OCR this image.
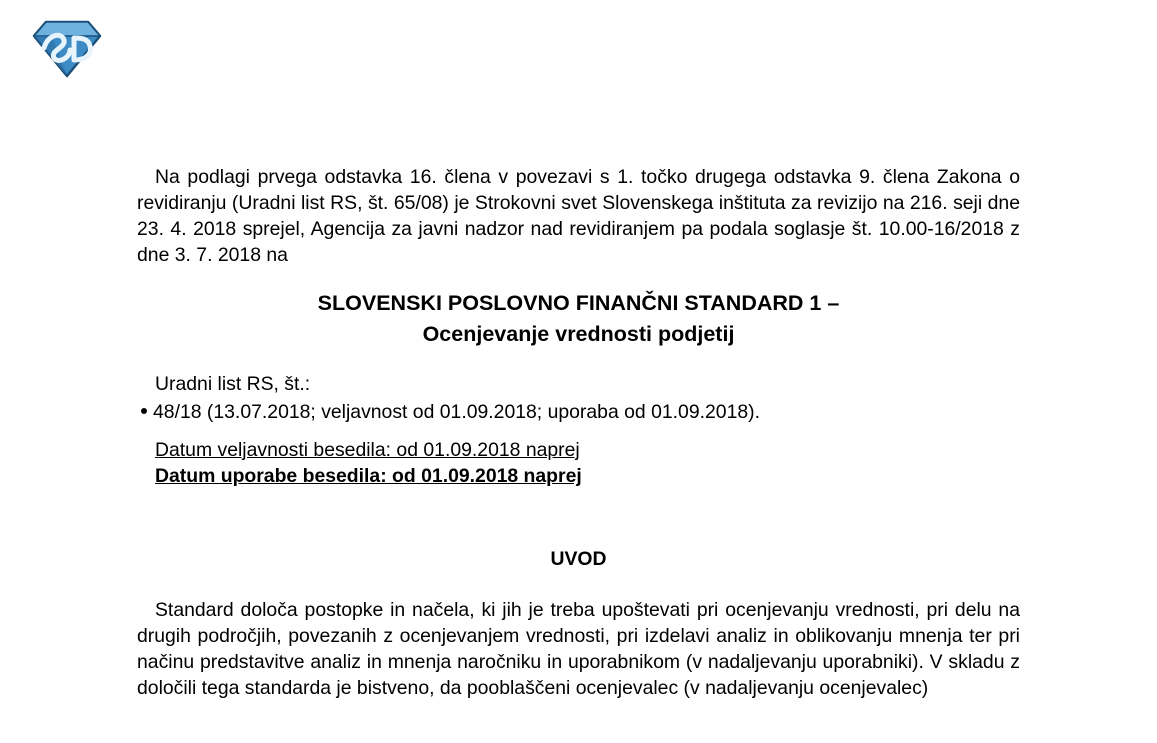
Na podlagi prvega odstavka 16. člena v povezavi s 1. točko drugega odstavka 9. člena Zakona o revidiranju (Uradni list RS, št. 65/08) je Strokovni svet Slovenskega inštituta za revizijo na 216. seji dne 23. 4. 2018 sprejel, Agencija za javni nadzor nad revidiranjem pa podala soglasje št. 10.00-16/2018 z dne 3. 7. 2018 na

SLOVENSKI POSLOVNO FINANČNI STANDARD 1 –

Ocenjevanje vrednosti podjetij

Uradni list RS, št.:

48/18 (13.07.2018; veljavnost od 01.09.2018; uporaba od 01.09.2018).

Datum veljavnosti besedila: od 01.09.2018 naprej

Datum uporabe besedila: od 01.09.2018 naprej

UVOD

Standard določa postopke in načela, ki jih je treba upoštevati pri ocenjevanju vrednosti, pri delu na drugih področjih, povezanih z ocenjevanjem vrednosti, pri izdelavi analiz in oblikovanju mnenja ter pri načinu predstavitve analiz in mnenja naročniku in uporabnikom (v nadaljevanju uporabniki). V skladu z določili tega standarda je bistveno, da pooblaščeni ocenjevalec (v nadaljevanju ocenjevalec)
